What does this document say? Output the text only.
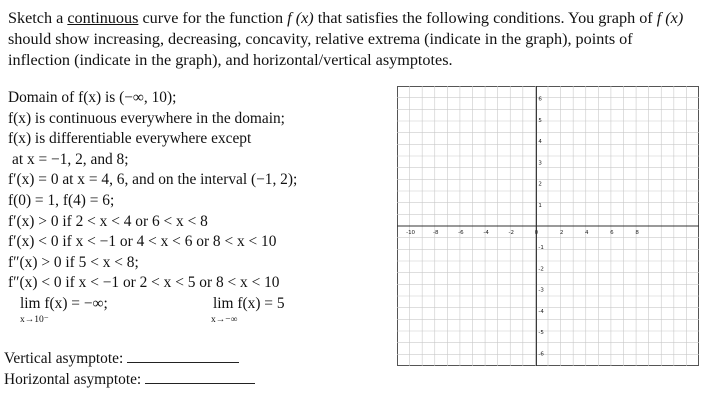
Sketch a continuous curve for the function f (x) that satisfies the following conditions. You graph of f (x) should show increasing, decreasing, concavity, relative extrema (indicate in the graph), points of inflection (indicate in the graph), and horizontal/vertical asymptotes.

Domain of f(x) is (−∞, 10);
f(x) is continuous everywhere in the domain;
f(x) is differentiable everywhere except
at x = −1, 2, and 8;
f′(x) = 0 at x = 4, 6, and on the interval (−1, 2);
f(0) = 1, f(4) = 6;
f′(x) > 0 if 2 < x < 4 or 6 < x < 8
f′(x) < 0 if x < −1 or 4 < x < 6 or 8 < x < 10
f″(x) > 0 if 5 < x < 8;
f″(x) < 0 if x < −1 or 2 < x < 5 or 8 < x < 10
lim f(x) = −∞;
x→10⁻
lim f(x) = 5
x→−∞
Vertical asymptote:
Horizontal asymptote:
-10	-8	-6	-4	-2	0	2	4	6	8
6
5
4
3
2
1
-1
-2
-3
-4
-5
-6
